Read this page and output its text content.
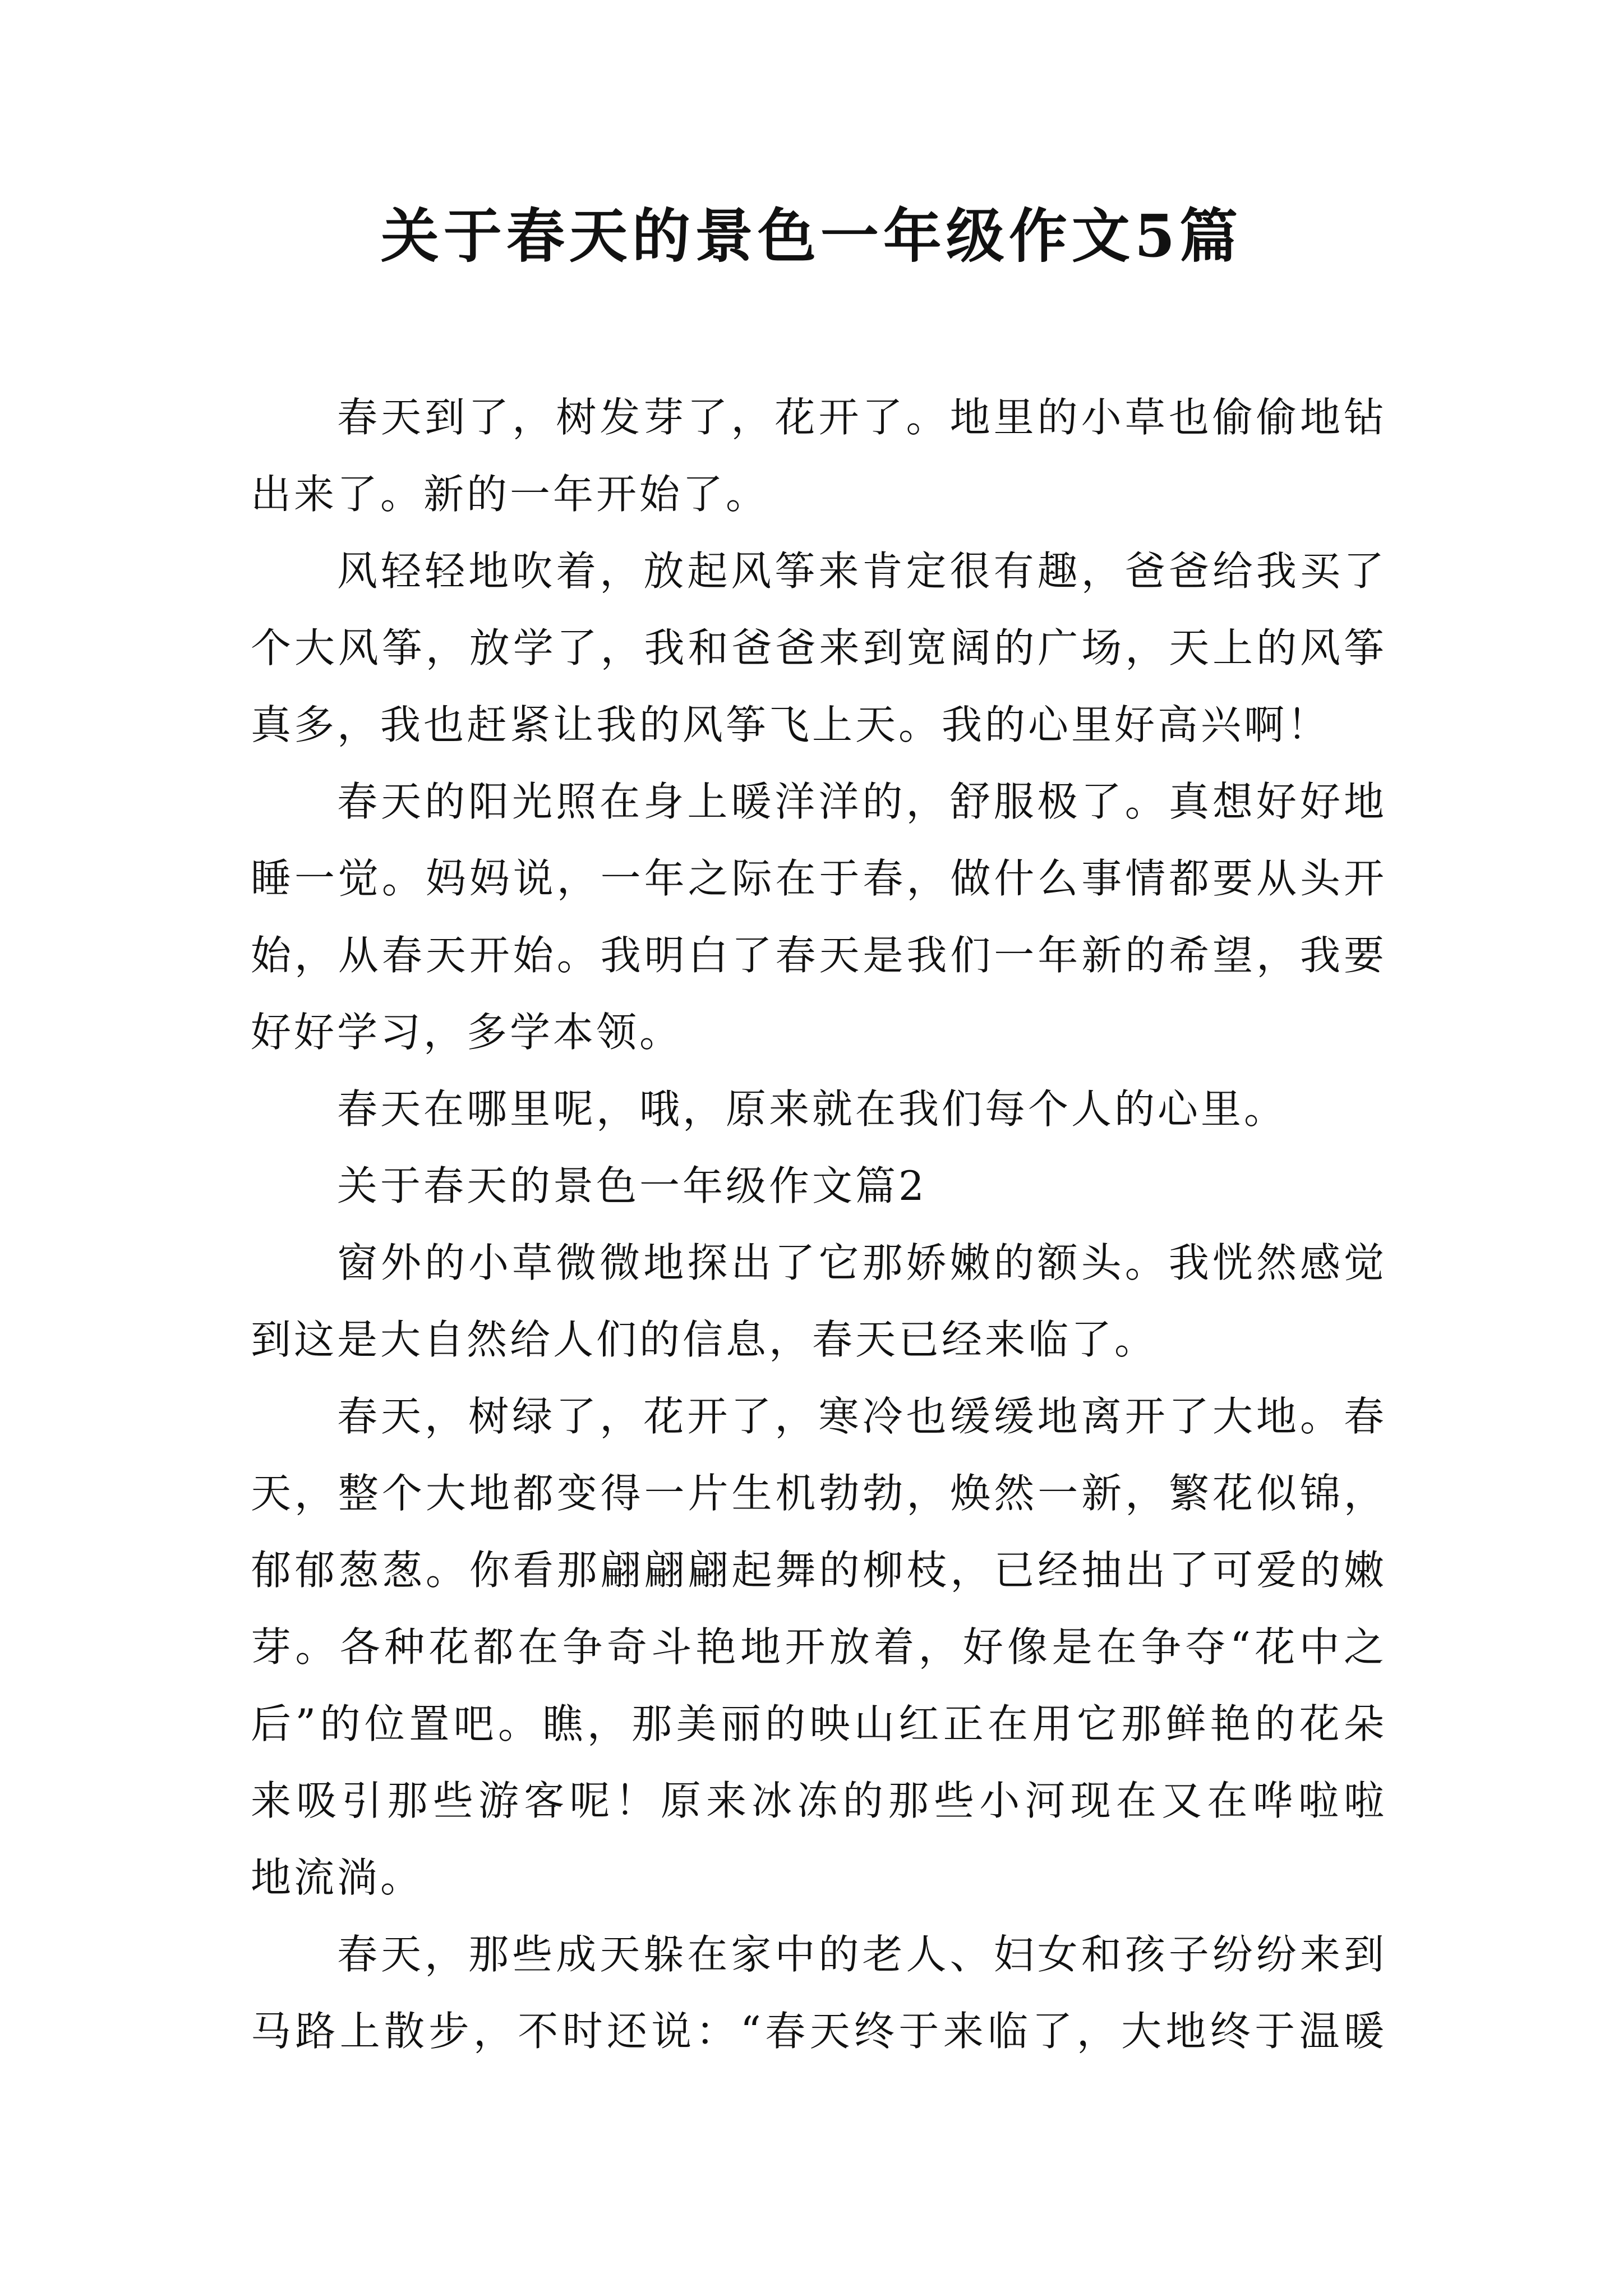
关于春天的景色一年级作文5篇
春天到了，树发芽了，花开了。地里的小草也偷偷地钻
出来了。新的一年开始了。
风轻轻地吹着，放起风筝来肯定很有趣，爸爸给我买了
个大风筝，放学了，我和爸爸来到宽阔的广场，天上的风筝
真多，我也赶紧让我的风筝飞上天。我的心里好高兴啊！
春天的阳光照在身上暖洋洋的，舒服极了。真想好好地
睡一觉。妈妈说，一年之际在于春，做什么事情都要从头开
始，从春天开始。我明白了春天是我们一年新的希望，我要
好好学习，多学本领。
春天在哪里呢，哦，原来就在我们每个人的心里。
关于春天的景色一年级作文篇2
窗外的小草微微地探出了它那娇嫩的额头。我恍然感觉
到这是大自然给人们的信息，春天已经来临了。
春天，树绿了，花开了，寒冷也缓缓地离开了大地。春
天，整个大地都变得一片生机勃勃，焕然一新，繁花似锦，
郁郁葱葱。你看那翩翩翩起舞的柳枝，已经抽出了可爱的嫩
芽。各种花都在争奇斗艳地开放着，好像是在争夺“花中之
后”的位置吧。瞧，那美丽的映山红正在用它那鲜艳的花朵
来吸引那些游客呢！原来冰冻的那些小河现在又在哗啦啦
地流淌。
春天，那些成天躲在家中的老人、妇女和孩子纷纷来到
马路上散步，不时还说：“春天终于来临了，大地终于温暖
